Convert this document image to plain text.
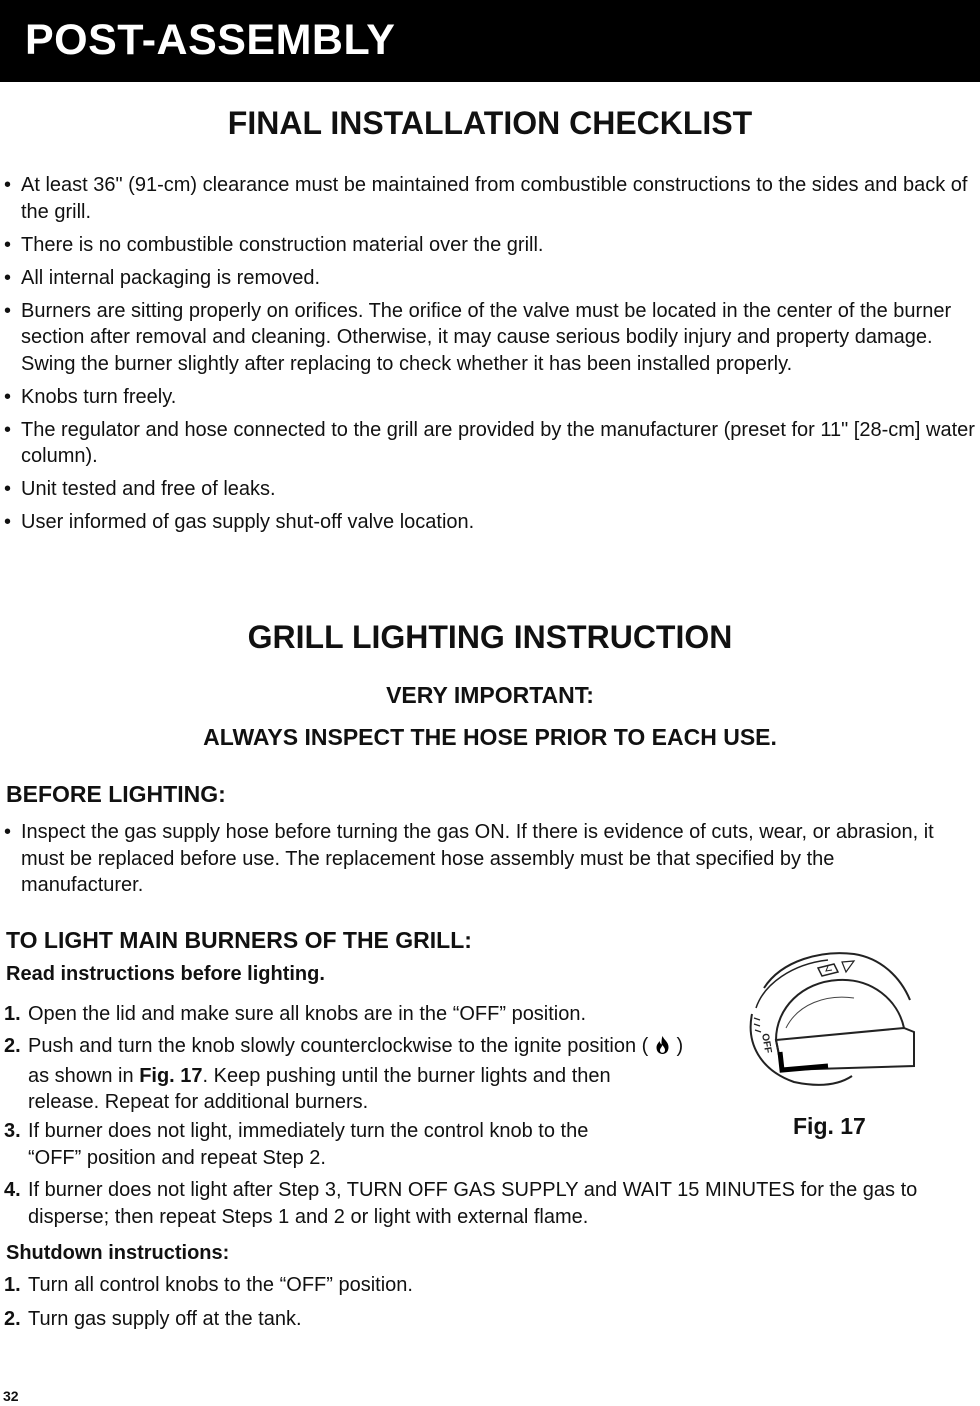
POST-ASSEMBLY
FINAL INSTALLATION CHECKLIST
• At least 36" (91-cm) clearance must be maintained from combustible constructions to the sides and back of the grill.
• There is no combustible construction material over the grill.
• All internal packaging is removed.
• Burners are sitting properly on orifices. The orifice of the valve must be located in the center of the burner section after removal and cleaning. Otherwise, it may cause serious bodily injury and property damage. Swing the burner slightly after replacing to check whether it has been installed properly.
• Knobs turn freely.
• The regulator and hose connected to the grill are provided by the manufacturer (preset for 11" [28-cm] water column).
• Unit tested and free of leaks.
• User informed of gas supply shut-off valve location.
GRILL LIGHTING INSTRUCTION
VERY IMPORTANT:
ALWAYS INSPECT THE HOSE PRIOR TO EACH USE.
BEFORE LIGHTING:
• Inspect the gas supply hose before turning the gas ON. If there is evidence of cuts, wear, or abrasion, it must be replaced before use. The replacement hose assembly must be that specified by the manufacturer.
TO LIGHT MAIN BURNERS OF THE GRILL:
Read instructions before lighting.
1. Open the lid and make sure all knobs are in the “OFF” position.
2. Push and turn the knob slowly counterclockwise to the ignite position ( ) as shown in Fig. 17. Keep pushing until the burner lights and then release. Repeat for additional burners.
3. If burner does not light, immediately turn the control knob to the “OFF” position and repeat Step 2.
4. If burner does not light after Step 3, TURN OFF GAS SUPPLY and WAIT 15 MINUTES for the gas to disperse; then repeat Steps 1 and 2 or light with external flame.
Shutdown instructions:
1. Turn all control knobs to the “OFF” position.
2. Turn gas supply off at the tank.
OFF
Fig. 17
32
